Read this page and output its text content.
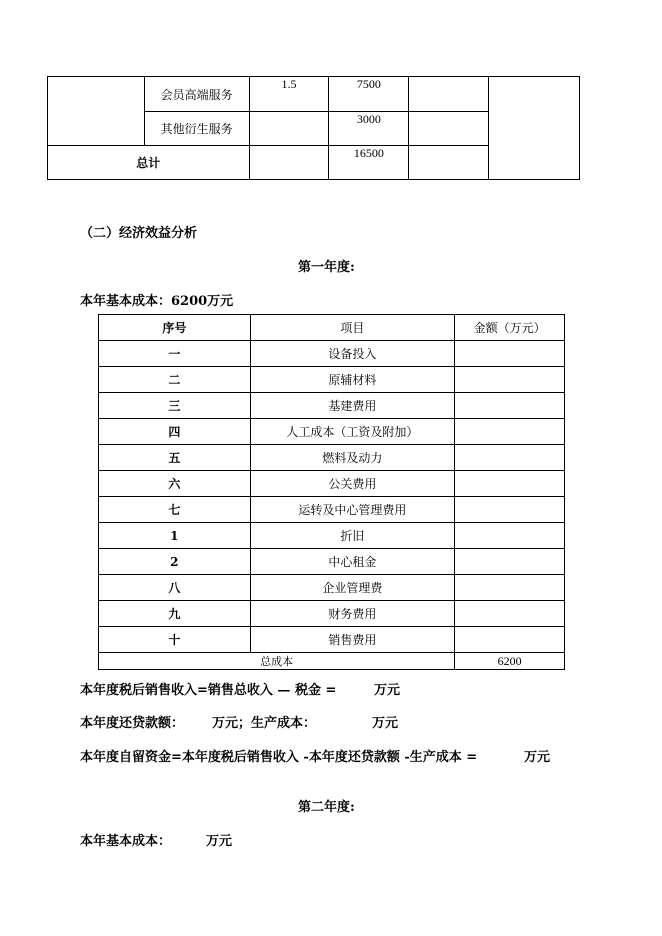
	会员高端服务	1.5	7500		
	其他衍生服务		3000		
总计			16500		
（二）经济效益分析
第一年度:
本年基本成本：6200万元
序号	项目	金额（万元）
一	设备投入	
二	原辅材料	
三	基建费用	
四	人工成本（工资及附加）	
五	燃料及动力	
六	公关费用	
七	运转及中心管理费用	
1	折旧	
2	中心租金	
八	企业管理费	
九	财务费用	
十	销售费用	
总成本		6200
本年度税后销售收入=销售总收入 — 税金 =	万元
本年度还贷款额： 万元；生产成本：	万元
本年度自留资金=本年度税后销售收入 -本年度还贷款额 -生产成本 =	万元
第二年度:
本年基本成本：	万元
